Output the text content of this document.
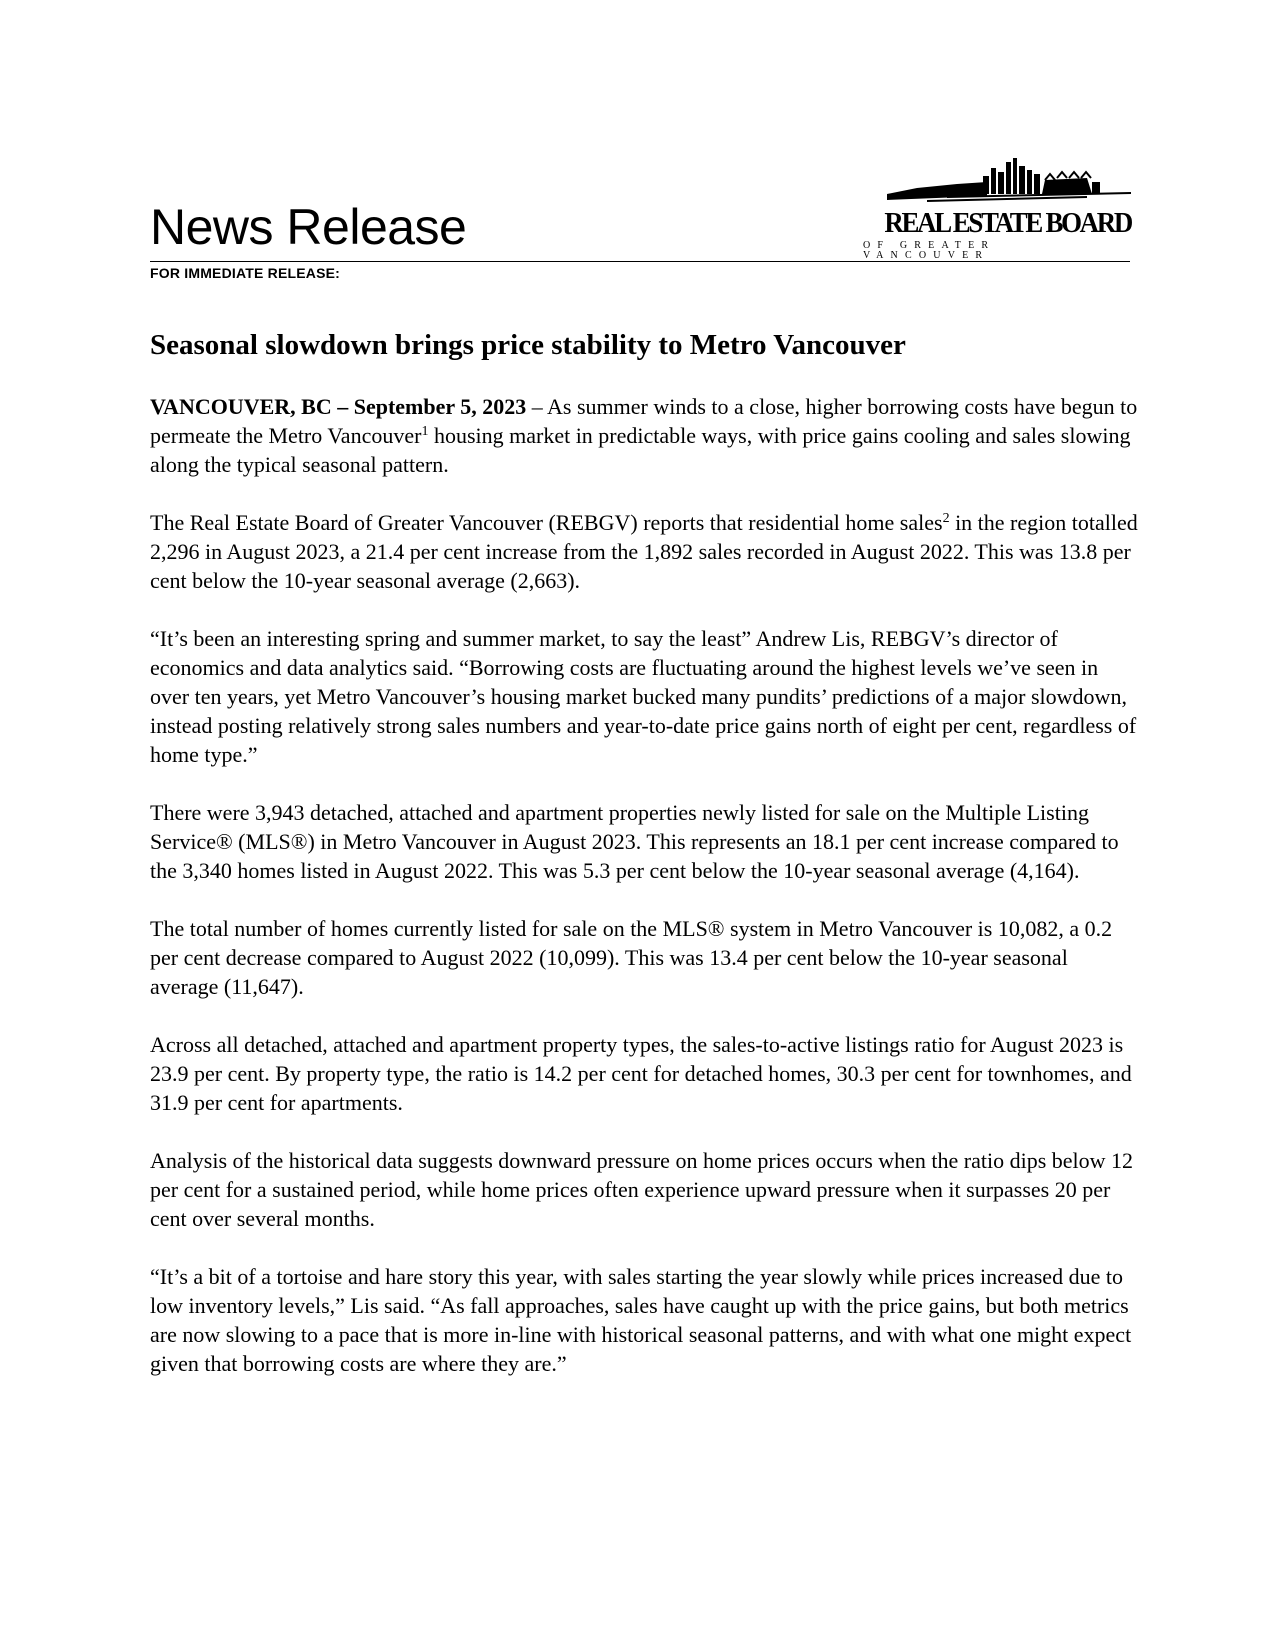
News Release	REAL ESTATE BOARD
OF GREATER VANCOUVER
FOR IMMEDIATE RELEASE:
Seasonal slowdown brings price stability to Metro Vancouver

VANCOUVER, BC – September 5, 2023 – As summer winds to a close, higher borrowing costs have begun to permeate the Metro Vancouver$^1$ housing market in predictable ways, with price gains cooling and sales slowing along the typical seasonal pattern.

The Real Estate Board of Greater Vancouver (REBGV) reports that residential home sales$^2$ in the region totalled 2,296 in August 2023, a 21.4 per cent increase from the 1,892 sales recorded in August 2022. This was 13.8 per cent below the 10-year seasonal average (2,663).

“It’s been an interesting spring and summer market, to say the least” Andrew Lis, REBGV’s director of economics and data analytics said. “Borrowing costs are fluctuating around the highest levels we’ve seen in over ten years, yet Metro Vancouver’s housing market bucked many pundits’ predictions of a major slowdown, instead posting relatively strong sales numbers and year-to-date price gains north of eight per cent, regardless of home type.”

There were 3,943 detached, attached and apartment properties newly listed for sale on the Multiple Listing Service® (MLS®) in Metro Vancouver in August 2023. This represents an 18.1 per cent increase compared to the 3,340 homes listed in August 2022. This was 5.3 per cent below the 10-year seasonal average (4,164).

The total number of homes currently listed for sale on the MLS® system in Metro Vancouver is 10,082, a 0.2 per cent decrease compared to August 2022 (10,099). This was 13.4 per cent below the 10-year seasonal average (11,647).

Across all detached, attached and apartment property types, the sales-to-active listings ratio for August 2023 is 23.9 per cent. By property type, the ratio is 14.2 per cent for detached homes, 30.3 per cent for townhomes, and 31.9 per cent for apartments.

Analysis of the historical data suggests downward pressure on home prices occurs when the ratio dips below 12 per cent for a sustained period, while home prices often experience upward pressure when it surpasses 20 per cent over several months.

“It’s a bit of a tortoise and hare story this year, with sales starting the year slowly while prices increased due to low inventory levels,” Lis said. “As fall approaches, sales have caught up with the price gains, but both metrics are now slowing to a pace that is more in-line with historical seasonal patterns, and with what one might expect given that borrowing costs are where they are.”
